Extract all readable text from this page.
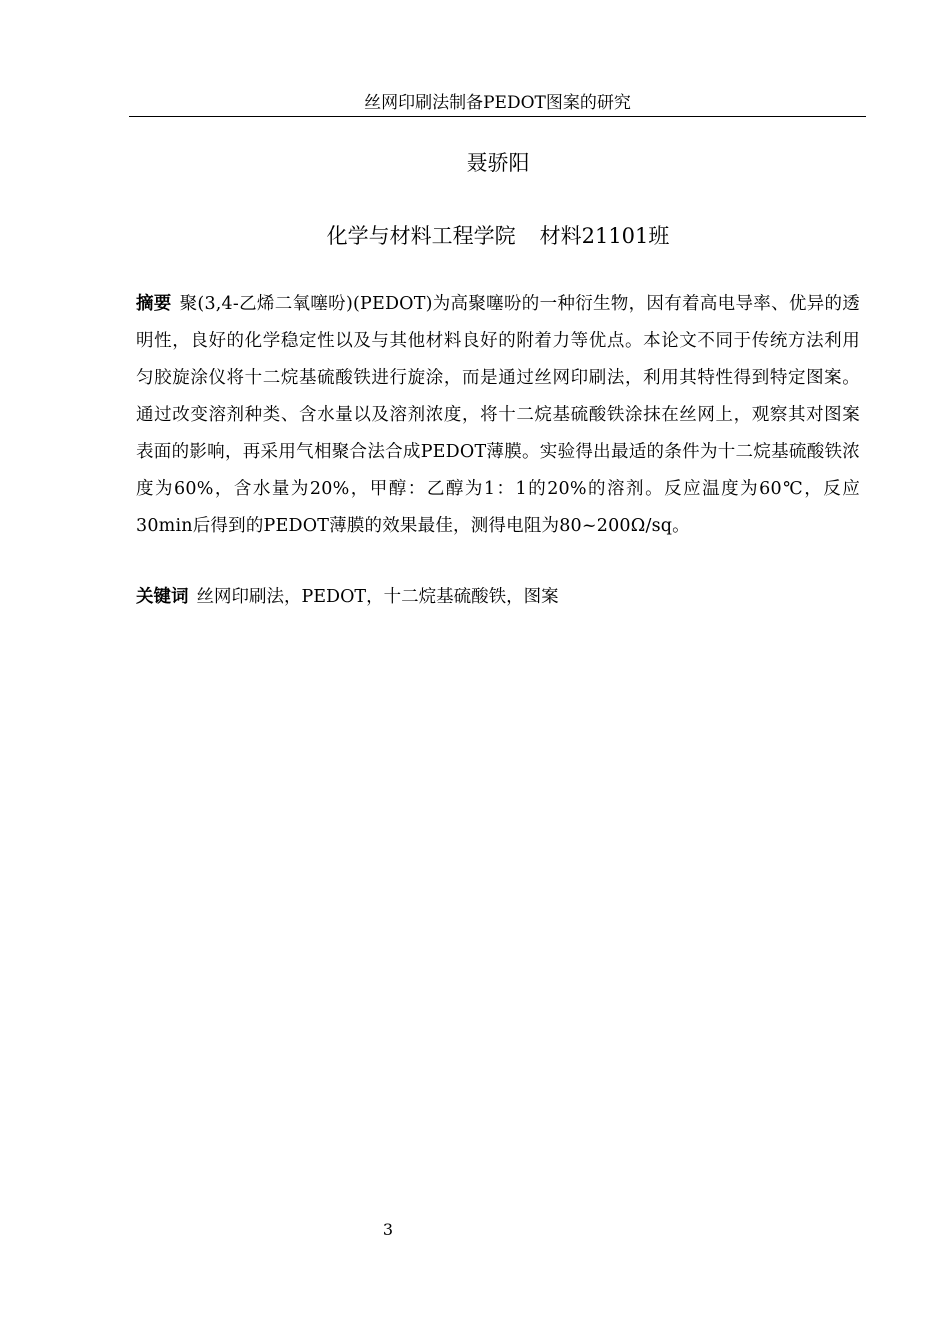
丝网印刷法制备PEDOT图案的研究
聂骄阳
化学与材料工程学院 材料21101班
摘要 聚(3,4-乙烯二氧噻吩)(PEDOT)为高聚噻吩的一种衍生物，因有着高电导率、优异的透明性，良好的化学稳定性以及与其他材料良好的附着力等优点。本论文不同于传统方法利用匀胶旋涂仪将十二烷基硫酸铁进行旋涂，而是通过丝网印刷法，利用其特性得到特定图案。通过改变溶剂种类、含水量以及溶剂浓度，将十二烷基硫酸铁涂抹在丝网上，观察其对图案表面的影响，再采用气相聚合法合成PEDOT薄膜。实验得出最适的条件为十二烷基硫酸铁浓度为60%，含水量为20%，甲醇：乙醇为1：1的20%的溶剂。反应温度为60℃，反应30min后得到的PEDOT薄膜的效果最佳，测得电阻为80~200Ω/sq。
关键词 丝网印刷法，PEDOT，十二烷基硫酸铁，图案
3
